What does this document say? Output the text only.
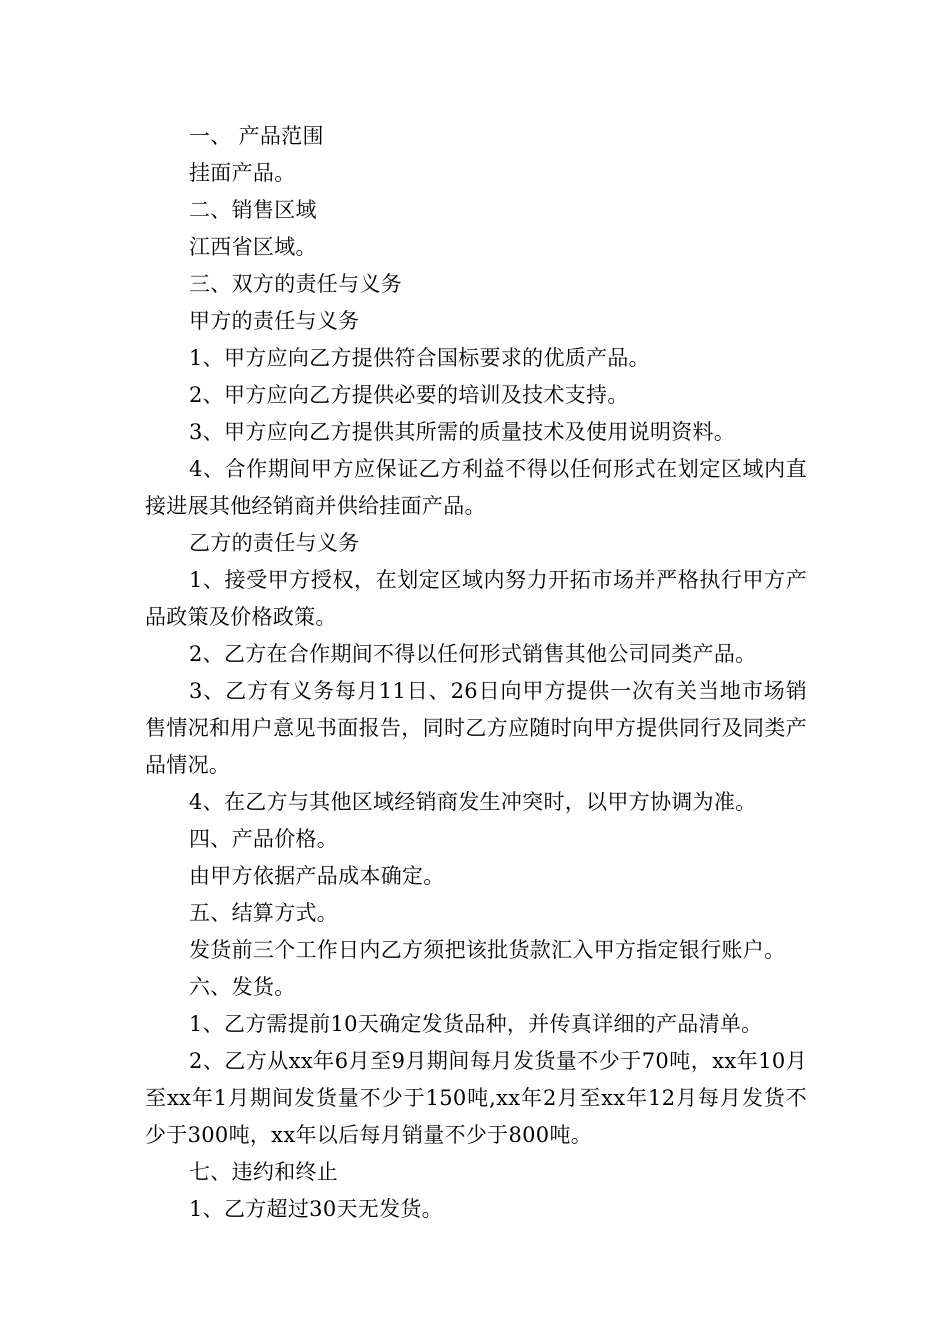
一、 产品范围

挂面产品。

二、销售区域

江西省区域。

三、双方的责任与义务

甲方的责任与义务

1、甲方应向乙方提供符合国标要求的优质产品。

2、甲方应向乙方提供必要的培训及技术支持。

3、甲方应向乙方提供其所需的质量技术及使用说明资料。

4、合作期间甲方应保证乙方利益不得以任何形式在划定区域内直接进展其他经销商并供给挂面产品。

乙方的责任与义务

1、接受甲方授权，在划定区域内努力开拓市场并严格执行甲方产品政策及价格政策。

2、乙方在合作期间不得以任何形式销售其他公司同类产品。

3、乙方有义务每月11日、26日向甲方提供一次有关当地市场销售情况和用户意见书面报告，同时乙方应随时向甲方提供同行及同类产品情况。

4、在乙方与其他区域经销商发生冲突时，以甲方协调为准。

四、产品价格。

由甲方依据产品成本确定。

五、结算方式。

发货前三个工作日内乙方须把该批货款汇入甲方指定银行账户。

六、发货。

1、乙方需提前10天确定发货品种，并传真详细的产品清单。

2、乙方从xx年6月至9月期间每月发货量不少于70吨，xx年10月至xx年1月期间发货量不少于150吨,xx年2月至xx年12月每月发货不少于300吨，xx年以后每月销量不少于800吨。

七、违约和终止

1、乙方超过30天无发货。
